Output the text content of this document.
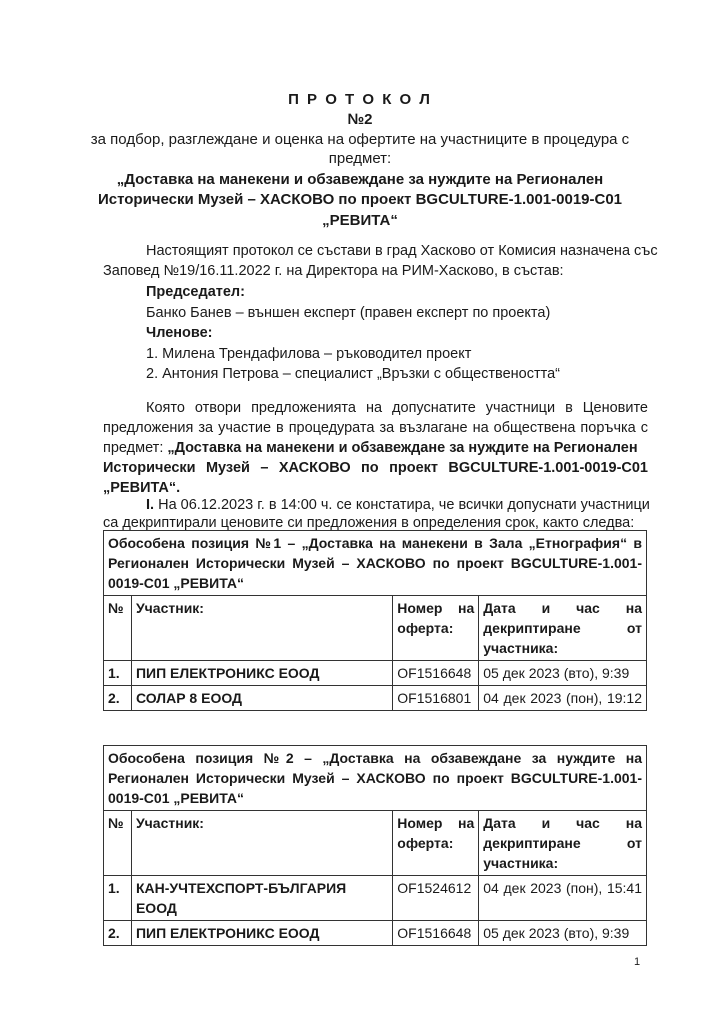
П Р О Т О К О Л
№2
за подбор, разглеждане и оценка на офертите на участниците в процедура с
предмет:
„Доставка на манекени и обзавеждане за нуждите на Регионален
Исторически Музей – ХАСКОВО по проект BGCULTURE-1.001-0019-C01
„РЕВИТА“
Настоящият протокол се състави в град Хасково от Комисия назначена със
Заповед №19/16.11.2022 г. на Директора на РИМ-Хасково, в състав:
Председател:
Банко Банев – външен експерт (правен експерт по проекта)
Членове:
1. Милена Трендафилова – ръководител проект
2. Антония Петрова – специалист „Връзки с обществеността“
Която отвори предложенията на допуснатите участници в Ценовите
предложения за участие в процедурата за възлагане на обществена поръчка с
предмет: „Доставка на манекени и обзавеждане за нуждите на Регионален
Исторически Музей – ХАСКОВО по проект BGCULTURE-1.001-0019-C01
„РЕВИТА“.
I. На 06.12.2023 г. в 14:00 ч. се констатира, че всички допуснати участници
са декриптирали ценовите си предложения в определения срок, както следва:
Обособена позиция №1 – „Доставка на манекени в Зала „Етнография“ в Регионален Исторически Музей – ХАСКОВО по проект BGCULTURE-1.001-0019-C01 „РЕВИТА“			
№	Участник:	Номер на оферта:	Дата и час на декриптиране от участника:
1.	ПИП ЕЛЕКТРОНИКС ЕООД	OF1516648	05 дек 2023 (вто), 9:39
2.	СОЛАР 8 ЕООД	OF1516801	04 дек 2023 (пон), 19:12
Обособена позиция №2 – „Доставка на обзавеждане за нуждите на Регионален Исторически Музей – ХАСКОВО по проект BGCULTURE-1.001-0019-C01 „РЕВИТА“			
№	Участник:	Номер на оферта:	Дата и час на декриптиране от участника:
1.	КАН-УЧТЕХСПОРТ-БЪЛГАРИЯ ЕООД	OF1524612	04 дек 2023 (пон), 15:41
2.	ПИП ЕЛЕКТРОНИКС ЕООД	OF1516648	05 дек 2023 (вто), 9:39
1
